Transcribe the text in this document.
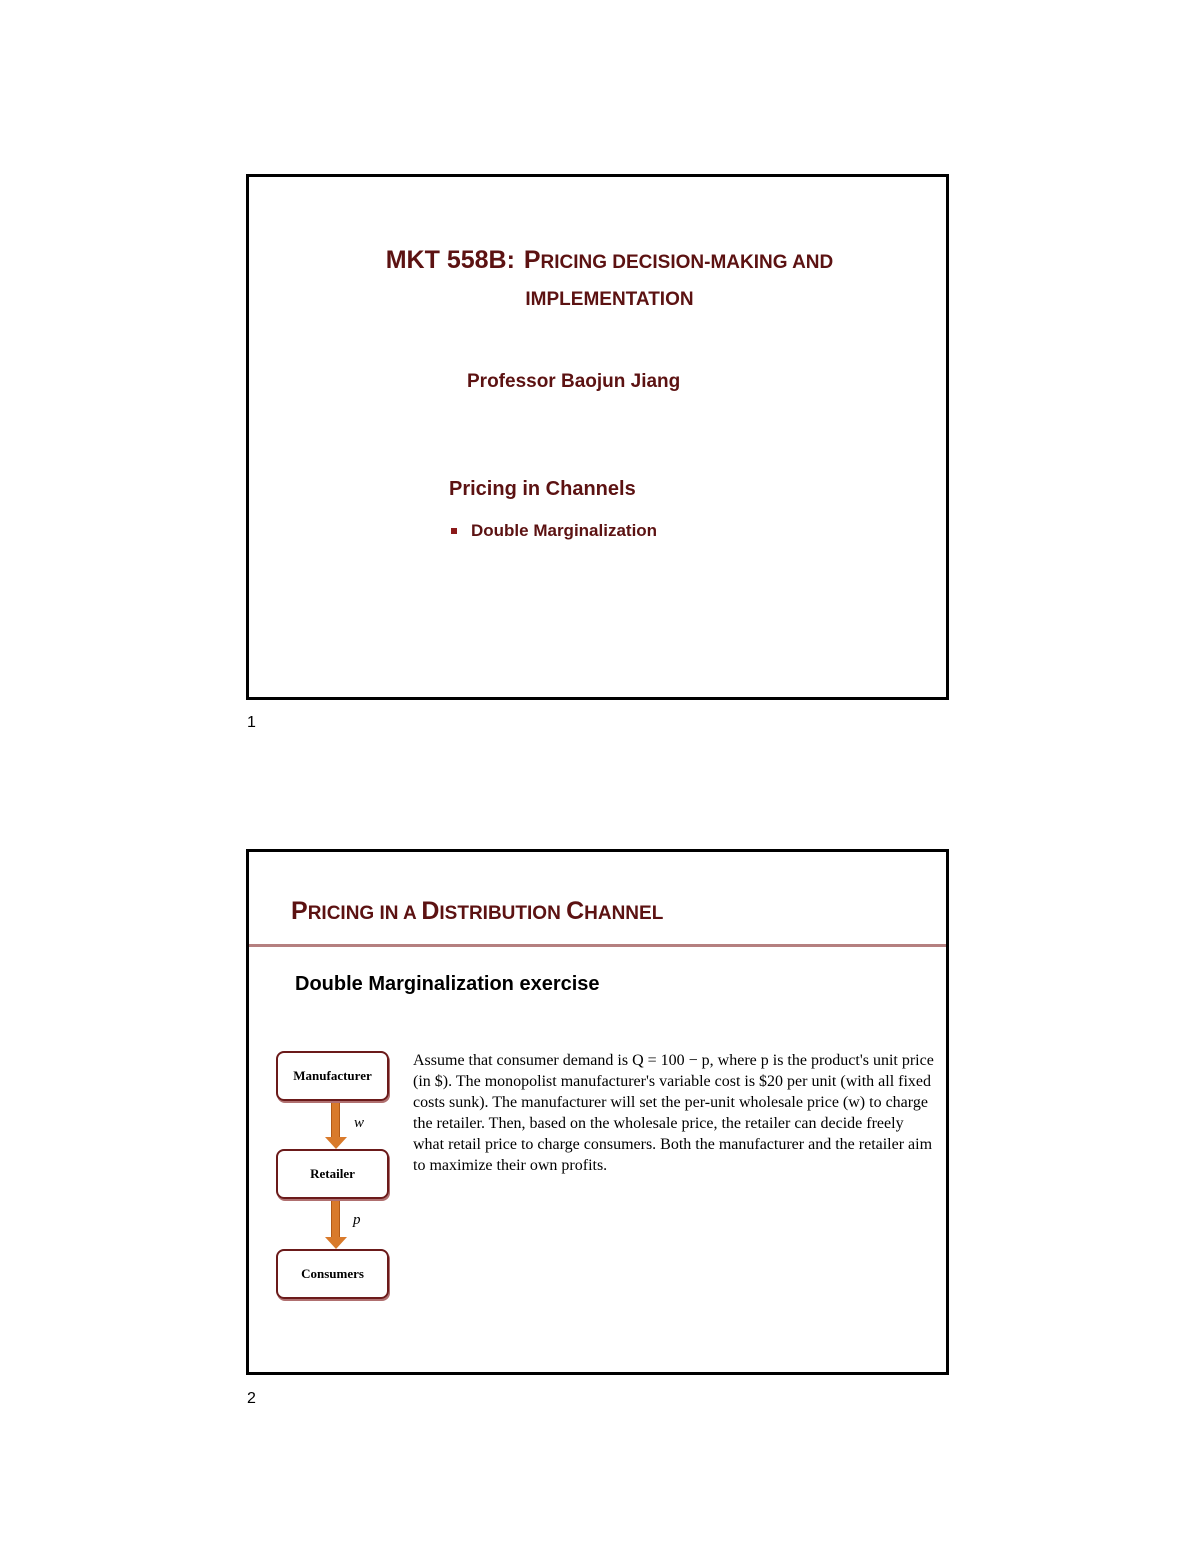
MKT 558B: PRICING DECISION-MAKING AND
IMPLEMENTATION
Professor Baojun Jiang
Pricing in Channels
Double Marginalization
1
PRICING IN A DISTRIBUTION CHANNEL
Double Marginalization exercise
Manufacturer
w
Retailer
p
Consumers
Assume that consumer demand is Q = 100 − p, where p is the product's unit price (in $). The monopolist manufacturer's variable cost is $20 per unit (with all fixed costs sunk). The manufacturer will set the per-unit wholesale price (w) to charge the retailer. Then, based on the wholesale price, the retailer can decide freely what retail price to charge consumers. Both the manufacturer and the retailer aim to maximize their own profits.
2
